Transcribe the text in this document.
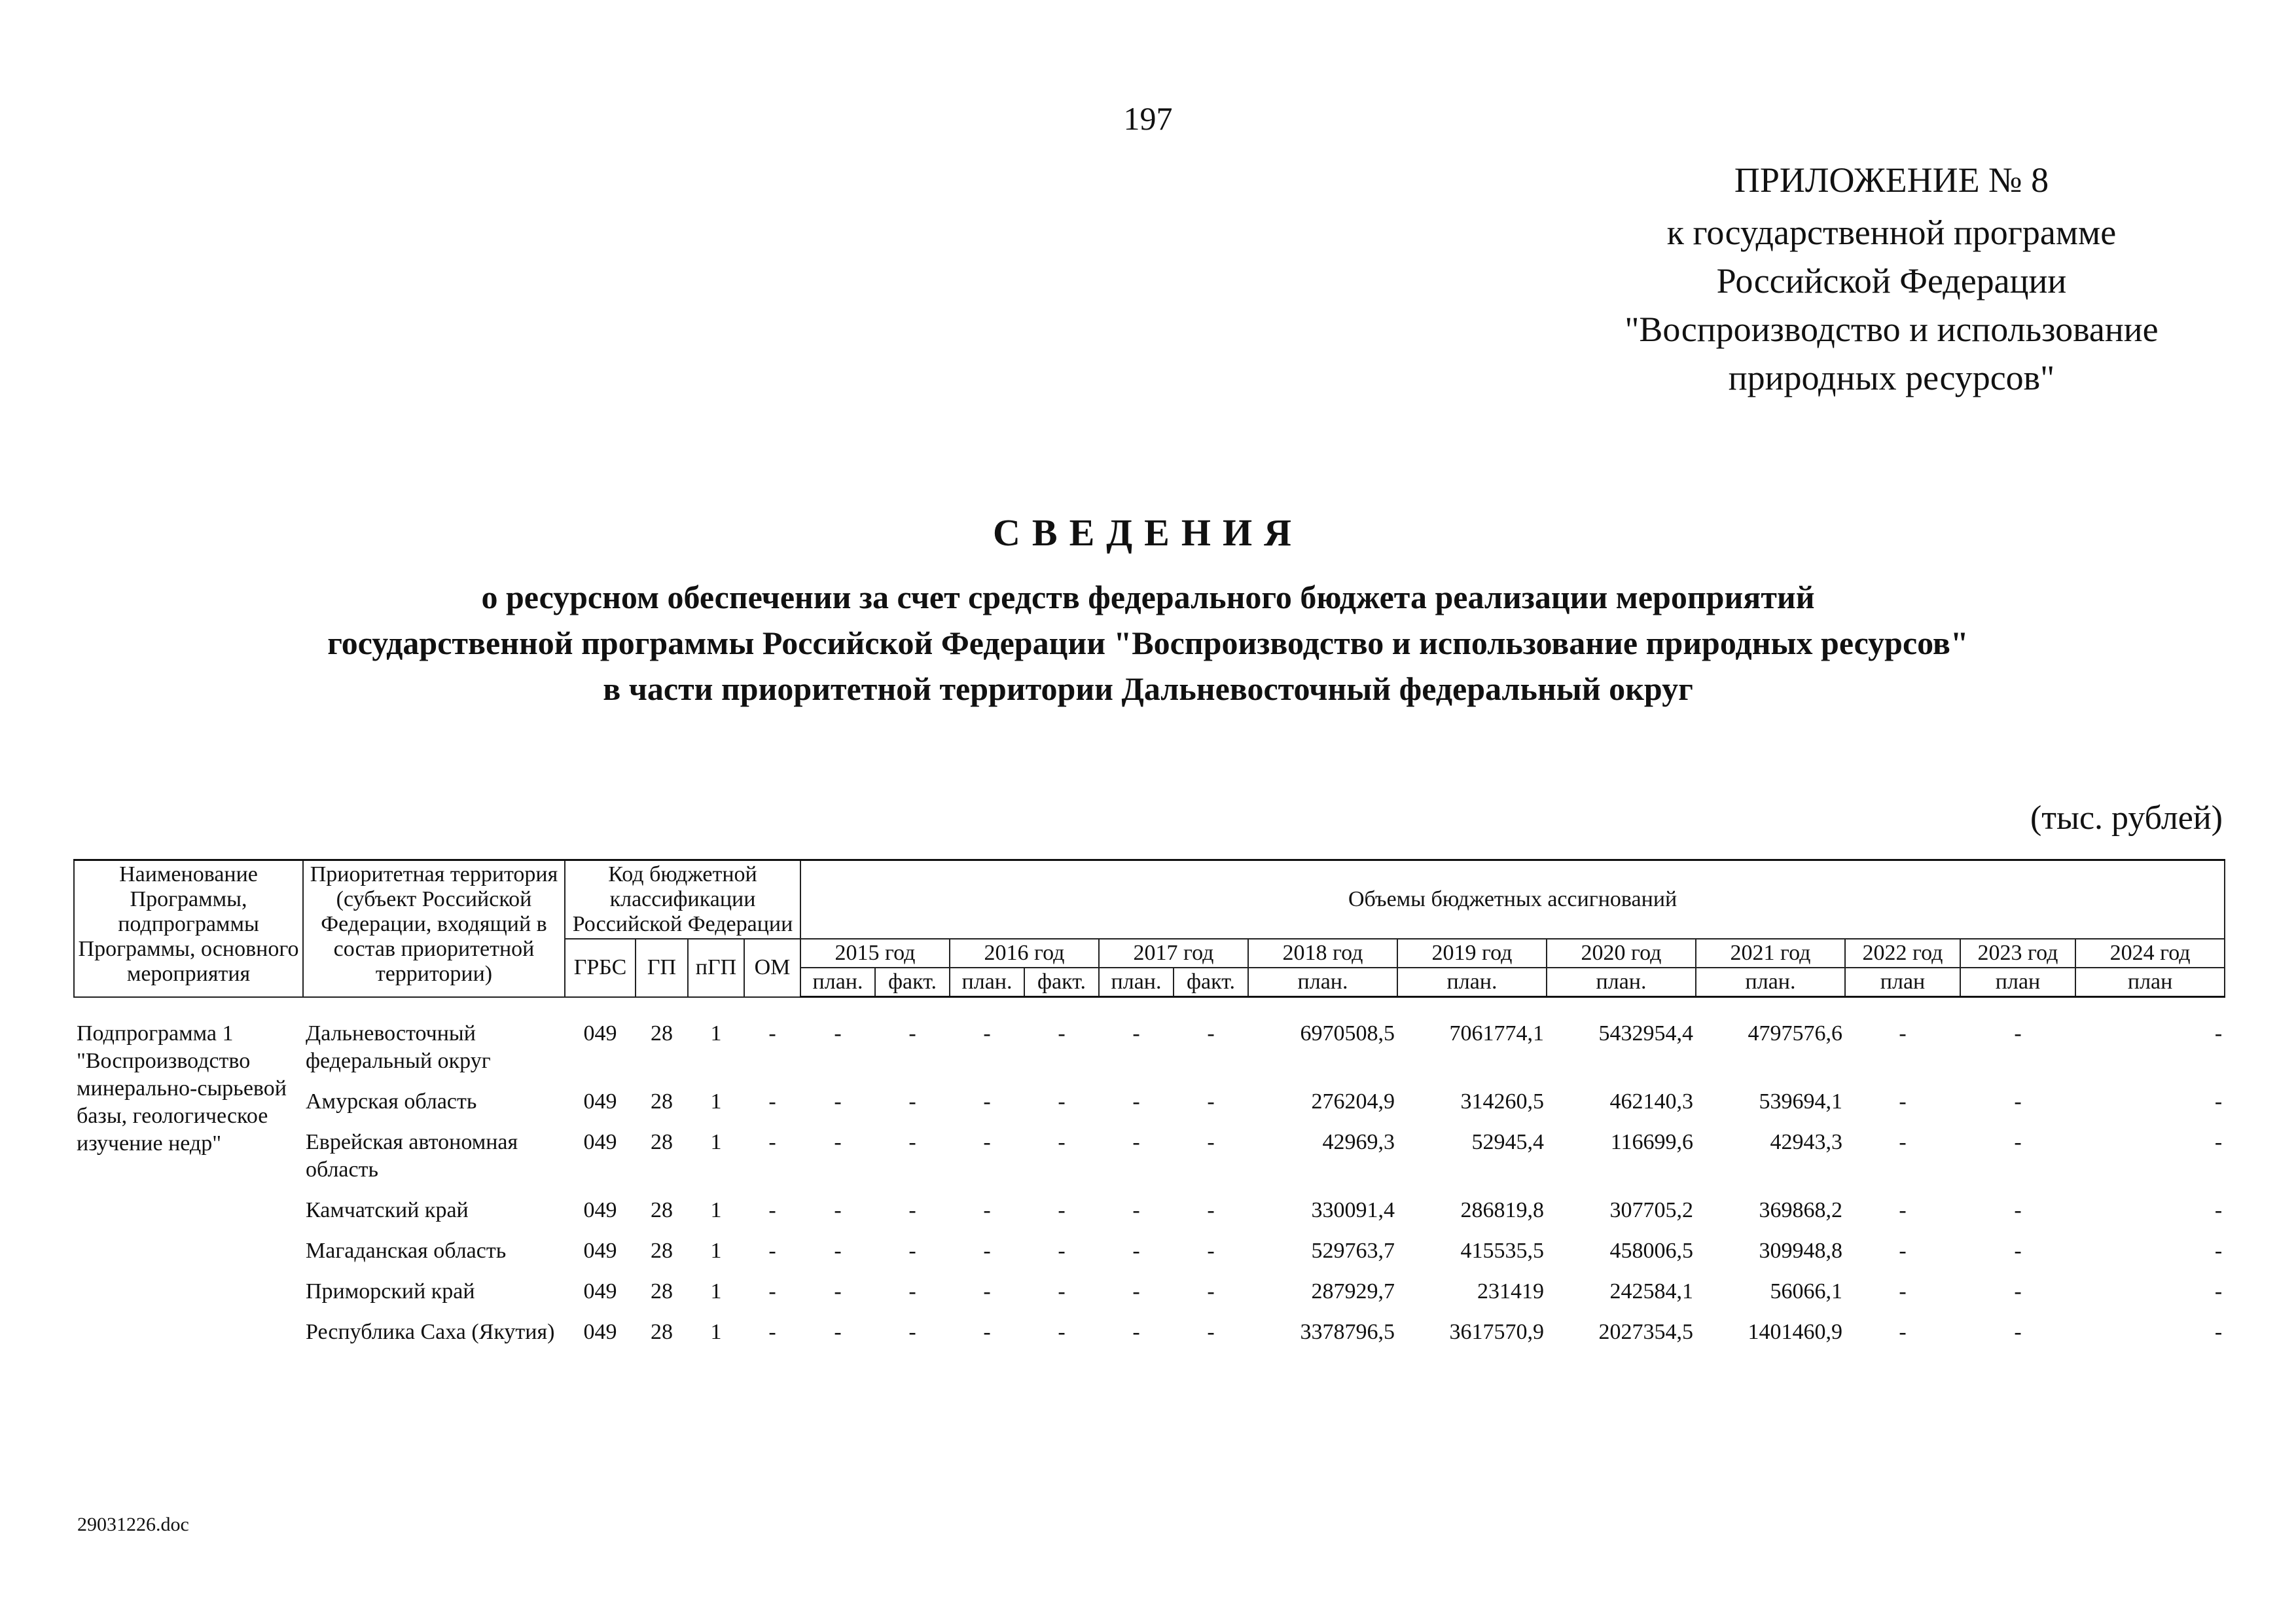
197
ПРИЛОЖЕНИЕ № 8
к государственной программе
Российской Федерации
"Воспроизводство и использование
природных ресурсов"
СВЕДЕНИЯ
о ресурсном обеспечении за счет средств федерального бюджета реализации мероприятий
государственной программы Российской Федерации "Воспроизводство и использование природных ресурсов"
в части приоритетной территории Дальневосточный федеральный округ
(тыс. рублей)
Наименование Программы, подпрограммы Программы, основного мероприятия	Приоритетная территория (субъект Российской Федерации, входящий в состав приоритетной территории)	Код бюджетной классификации Российской Федерации				Объемы бюджетных ассигнований												
		ГРБС	ГП	пГП	ОМ	2015 год		2016 год		2017 год		2018 год	2019 год	2020 год	2021 год	2022 год	2023 год	2024 год
						план.	факт.	план.	факт.	план.	факт.	план.	план.	план.	план.	план	план	план

Подпрограмма 1 "Воспроизводство минерально-сырьевой базы, геологическое изучение недр"	Дальневосточный федеральный округ	049	28	1	-	-	-	-	-	-	-	6970508,5	7061774,1	5432954,4	4797576,6	-	-	-
	Амурская область	049	28	1	-	-	-	-	-	-	-	276204,9	314260,5	462140,3	539694,1	-	-	-
	Еврейская автономная область	049	28	1	-	-	-	-	-	-	-	42969,3	52945,4	116699,6	42943,3	-	-	-
	Камчатский край	049	28	1	-	-	-	-	-	-	-	330091,4	286819,8	307705,2	369868,2	-	-	-
	Магаданская область	049	28	1	-	-	-	-	-	-	-	529763,7	415535,5	458006,5	309948,8	-	-	-
	Приморский край	049	28	1	-	-	-	-	-	-	-	287929,7	231419	242584,1	56066,1	-	-	-
	Республика Саха (Якутия)	049	28	1	-	-	-	-	-	-	-	3378796,5	3617570,9	2027354,5	1401460,9	-	-	-
29031226.doc
